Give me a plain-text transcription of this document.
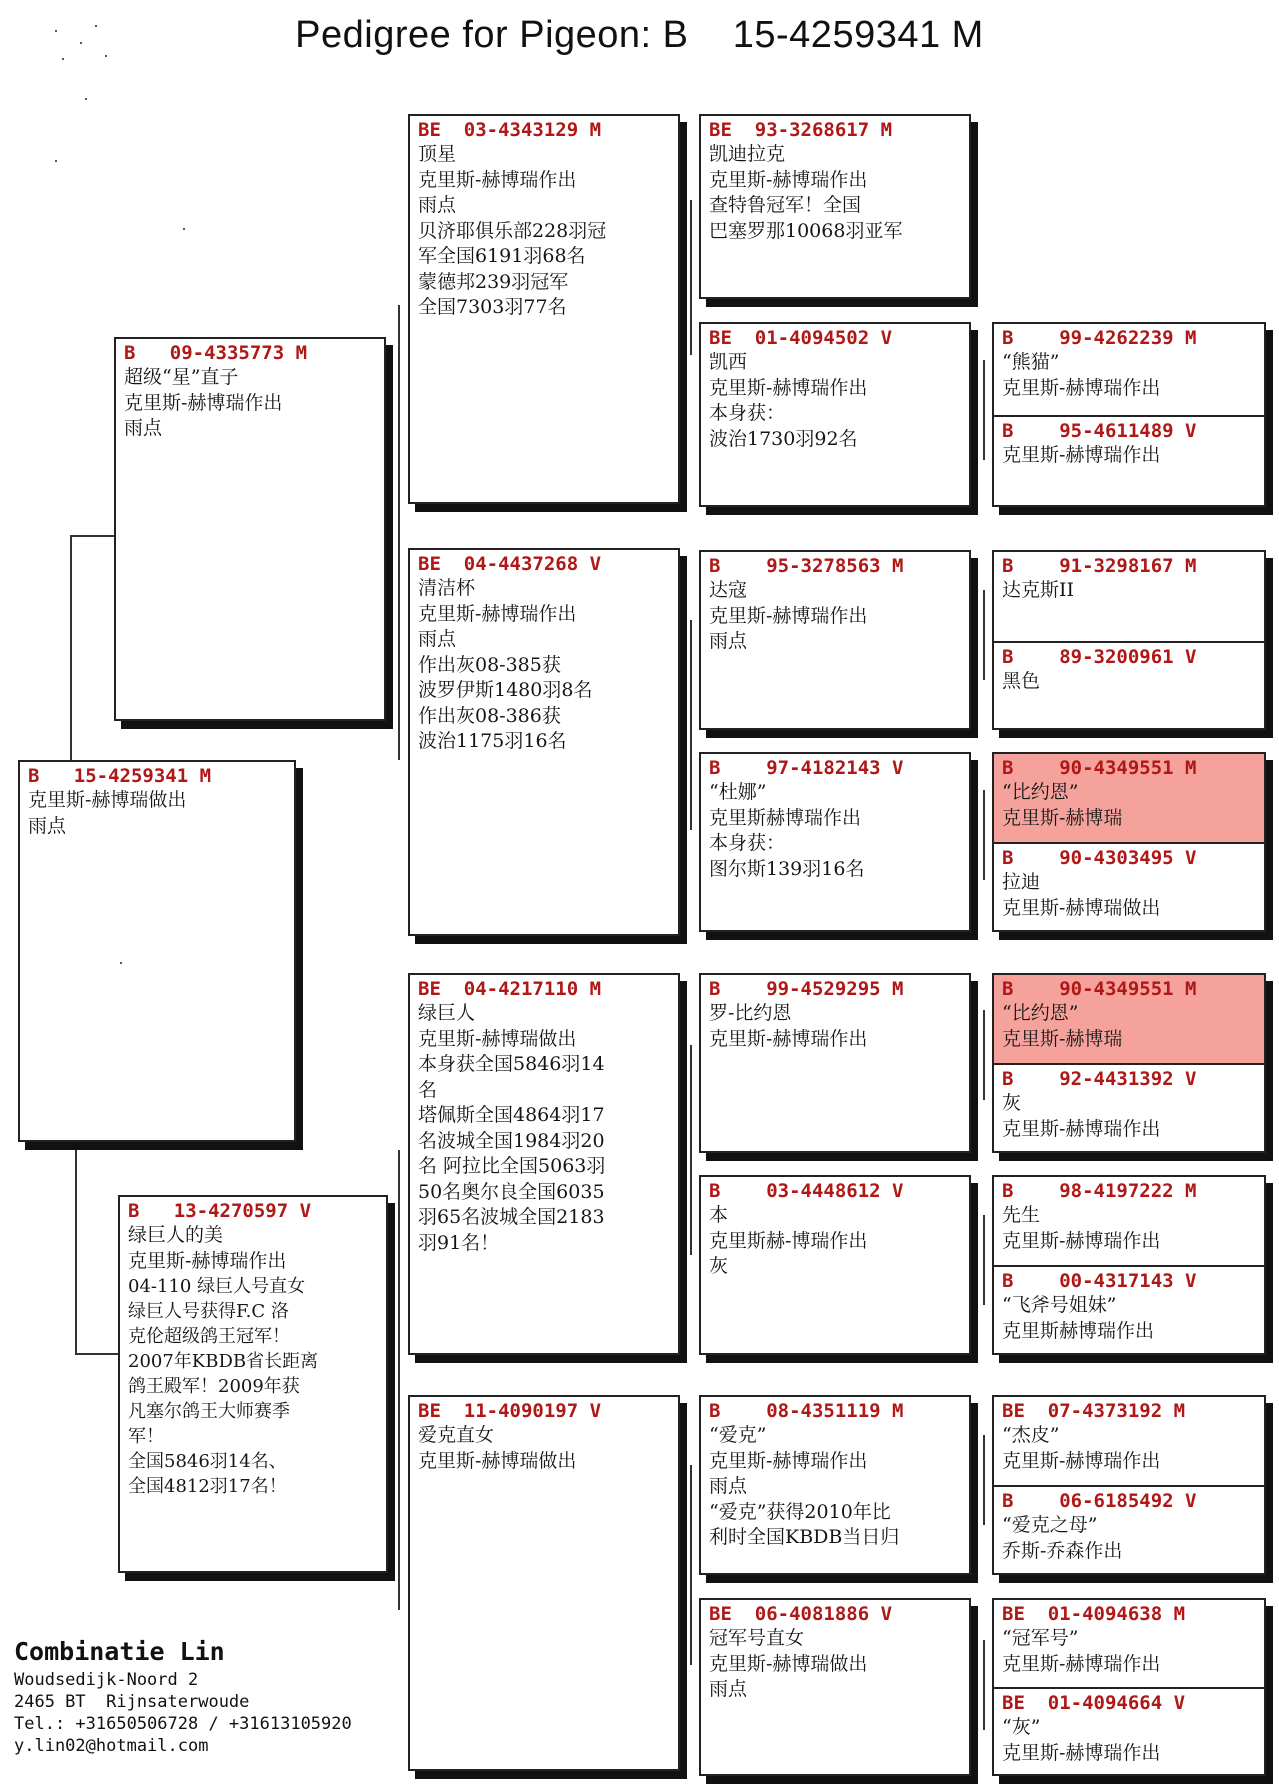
Pedigree for Pigeon: B    15-4259341 M
B   15-4259341 M
克里斯-赫博瑞做出
雨点
B   09-4335773 M
超级“星”直子
克里斯-赫博瑞作出
雨点
B   13-4270597 V
绿巨人的美
克里斯-赫博瑞作出
04-110 绿巨人号直女
绿巨人号获得F.C 洛
克伦超级鸽王冠军！
2007年KBDB省长距离
鸽王殿军！2009年获
凡塞尔鸽王大师赛季
军！
全国5846羽14名、
全国4812羽17名！
BE  03-4343129 M
顶星
克里斯-赫博瑞作出
雨点
贝济耶俱乐部228羽冠
军全国6191羽68名
蒙德邦239羽冠军
全国7303羽77名
BE  04-4437268 V
清洁杯
克里斯-赫博瑞作出
雨点
作出灰08-385获
波罗伊斯1480羽8名
作出灰08-386获
波治1175羽16名
BE  04-4217110 M
绿巨人
克里斯-赫博瑞做出
本身获全国5846羽14
名
塔佩斯全国4864羽17
名波城全国1984羽20
名 阿拉比全国5063羽
50名奥尔良全国6035
羽65名波城全国2183
羽91名！
BE  11-4090197 V
爱克直女
克里斯-赫博瑞做出
BE  93-3268617 M
凯迪拉克
克里斯-赫博瑞作出
查特鲁冠军！全国
巴塞罗那10068羽亚军
BE  01-4094502 V
凯西
克里斯-赫博瑞作出
本身获：
波治1730羽92名
B    95-3278563 M
达寇
克里斯-赫博瑞作出
雨点
B    97-4182143 V
“杜娜”
克里斯赫博瑞作出
本身获：
图尔斯139羽16名
B    99-4529295 M
罗-比约恩
克里斯-赫博瑞作出
B    03-4448612 V
本
克里斯赫-博瑞作出
灰
B    08-4351119 M
“爱克”
克里斯-赫博瑞作出
雨点
“爱克”获得2010年比
利时全国KBDB当日归
BE  06-4081886 V
冠军号直女
克里斯-赫博瑞做出
雨点
B    99-4262239 M
“熊猫”
克里斯-赫博瑞作出
B    95-4611489 V
克里斯-赫博瑞作出
B    91-3298167 M
达克斯II
B    89-3200961 V
黑色
B    90-4349551 M
“比约恩”
克里斯-赫博瑞
B    90-4303495 V
拉迪
克里斯-赫博瑞做出
B    90-4349551 M
“比约恩”
克里斯-赫博瑞
B    92-4431392 V
灰
克里斯-赫博瑞作出
B    98-4197222 M
先生
克里斯-赫博瑞作出
B    00-4317143 V
“飞斧号姐妹”
克里斯赫博瑞作出
BE  07-4373192 M
“杰皮”
克里斯-赫博瑞作出
B    06-6185492 V
“爱克之母”
乔斯-乔森作出
BE  01-4094638 M
“冠军号”
克里斯-赫博瑞作出
BE  01-4094664 V
“灰”
克里斯-赫博瑞作出
Combinatie Lin
Woudsedijk-Noord 2
2465 BT  Rijnsaterwoude
Tel.: +31650506728 / +31613105920
y.lin02@hotmail.com
